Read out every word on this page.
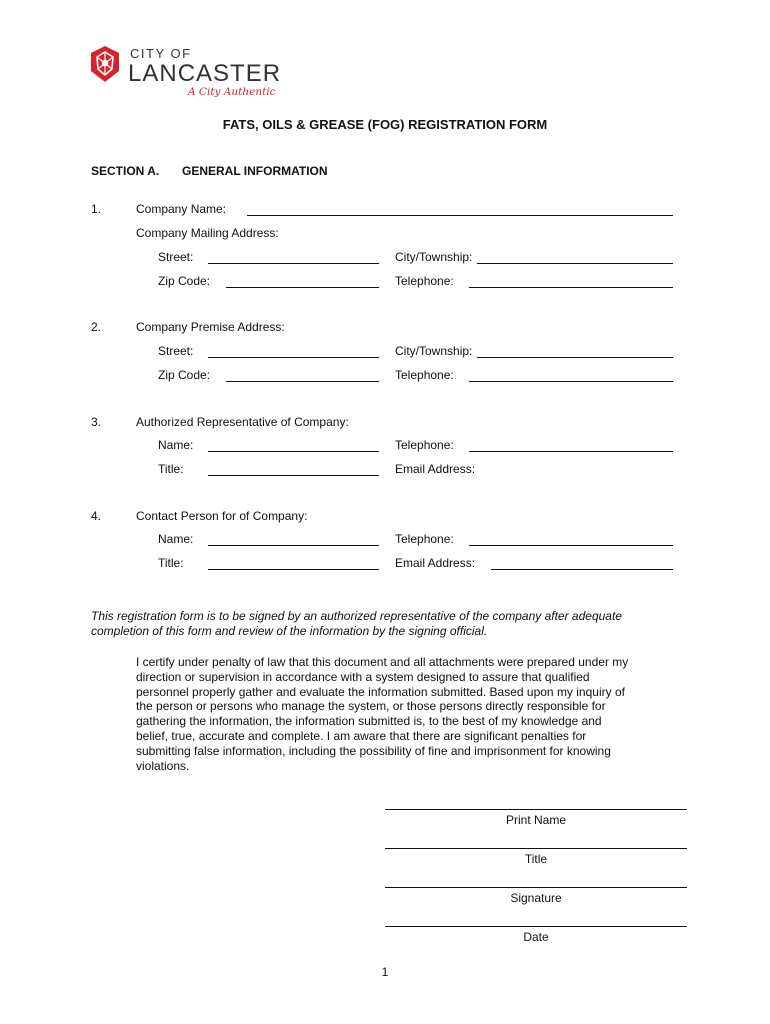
CITY OF
LANCASTER
A City Authentic
FATS, OILS & GREASE (FOG) REGISTRATION FORM
SECTION A. GENERAL INFORMATION
1.	Company Name:
Company Mailing Address:
Street:	City/Township:
Zip Code:	Telephone:
2.	Company Premise Address:
Street:	City/Township:
Zip Code:	Telephone:
3.	Authorized Representative of Company:
Name:	Telephone:
Title:	Email Address:
4.	Contact Person for of Company:
Name:	Telephone:
Title:	Email Address:
This registration form is to be signed by an authorized representative of the company after adequate completion of this form and review of the information by the signing official.
I certify under penalty of law that this document and all attachments were prepared under my direction or supervision in accordance with a system designed to assure that qualified personnel properly gather and evaluate the information submitted. Based upon my inquiry of the person or persons who manage the system, or those persons directly responsible for gathering the information, the information submitted is, to the best of my knowledge and belief, true, accurate and complete. I am aware that there are significant penalties for submitting false information, including the possibility of fine and imprisonment for knowing violations.
Print Name
Title
Signature
Date
1
